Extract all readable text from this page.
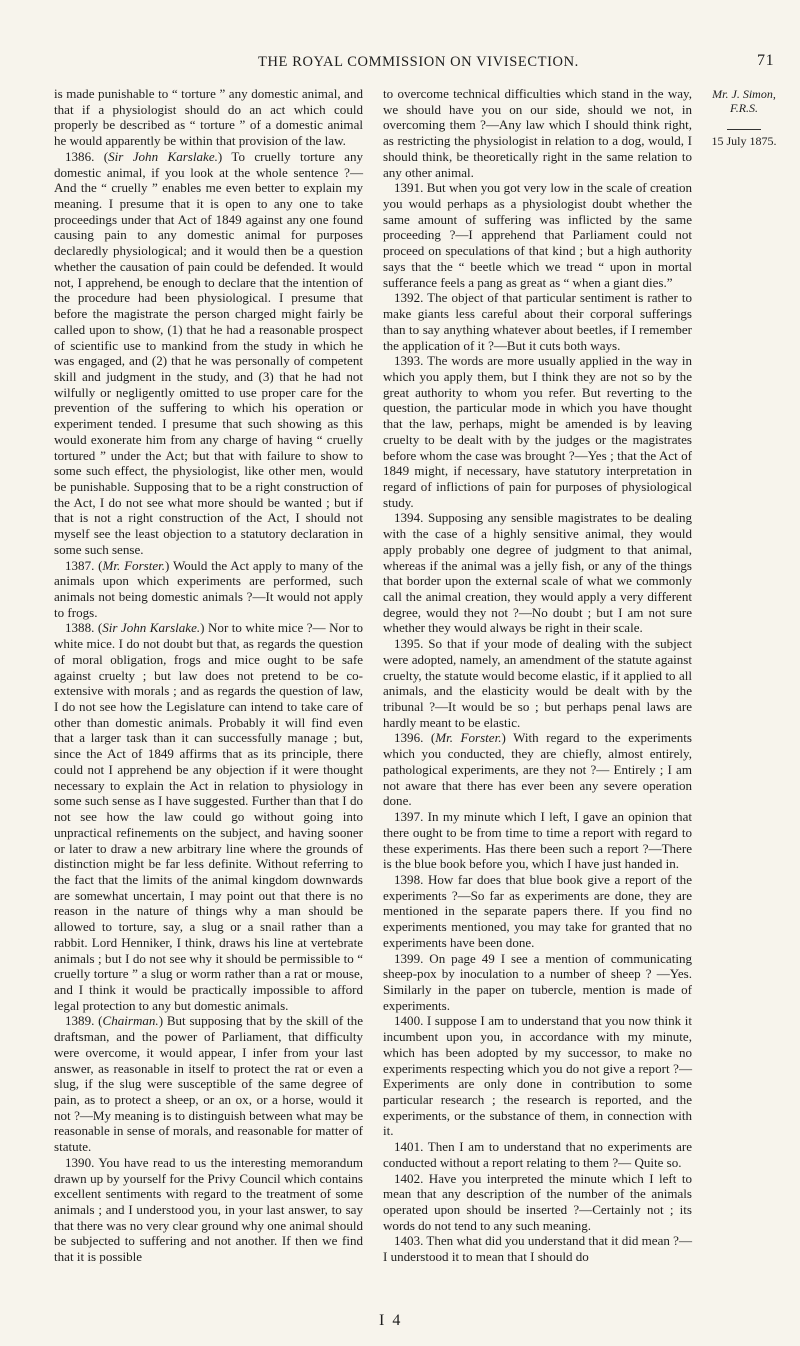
THE ROYAL COMMISSION ON VIVISECTION.	71

is made punishable to “ torture ” any domestic animal, and that if a physiologist should do an act which could properly be described as “ torture ” of a domestic animal he would apparently be within that provision of the law.

1386. (Sir John Karslake.) To cruelly torture any domestic animal, if you look at the whole sentence ?— And the “ cruelly ” enables me even better to explain my meaning. I presume that it is open to any one to take proceedings under that Act of 1849 against any one found causing pain to any domestic animal for purposes declaredly physiological; and it would then be a question whether the causation of pain could be defended. It would not, I apprehend, be enough to declare that the intention of the procedure had been physiological. I presume that before the magistrate the person charged might fairly be called upon to show, (1) that he had a reasonable prospect of scientific use to mankind from the study in which he was engaged, and (2) that he was personally of competent skill and judgment in the study, and (3) that he had not wilfully or negligently omitted to use proper care for the prevention of the suffering to which his operation or experiment tended. I presume that such showing as this would exonerate him from any charge of having “ cruelly tortured ” under the Act; but that with failure to show to some such effect, the physiologist, like other men, would be punishable. Supposing that to be a right construction of the Act, I do not see what more should be wanted ; but if that is not a right construction of the Act, I should not myself see the least objection to a statutory declaration in some such sense.

1387. (Mr. Forster.) Would the Act apply to many of the animals upon which experiments are performed, such animals not being domestic animals ?—It would not apply to frogs.

1388. (Sir John Karslake.) Nor to white mice ?— Nor to white mice. I do not doubt but that, as regards the question of moral obligation, frogs and mice ought to be safe against cruelty ; but law does not pretend to be co-extensive with morals ; and as regards the question of law, I do not see how the Legislature can intend to take care of other than domestic animals. Probably it will find even that a larger task than it can successfully manage ; but, since the Act of 1849 affirms that as its principle, there could not I apprehend be any objection if it were thought necessary to explain the Act in relation to physiology in some such sense as I have suggested. Further than that I do not see how the law could go without going into unpractical refinements on the subject, and having sooner or later to draw a new arbitrary line where the grounds of distinction might be far less definite. Without referring to the fact that the limits of the animal kingdom downwards are somewhat uncertain, I may point out that there is no reason in the nature of things why a man should be allowed to torture, say, a slug or a snail rather than a rabbit. Lord Henniker, I think, draws his line at vertebrate animals ; but I do not see why it should be permissible to “ cruelly torture ” a slug or worm rather than a rat or mouse, and I think it would be practically impossible to afford legal protection to any but domestic animals.

1389. (Chairman.) But supposing that by the skill of the draftsman, and the power of Parliament, that difficulty were overcome, it would appear, I infer from your last answer, as reasonable in itself to protect the rat or even a slug, if the slug were susceptible of the same degree of pain, as to protect a sheep, or an ox, or a horse, would it not ?—My meaning is to distinguish between what may be reasonable in sense of morals, and reasonable for matter of statute.

1390. You have read to us the interesting memorandum drawn up by yourself for the Privy Council which contains excellent sentiments with regard to the treatment of some animals ; and I understood you, in your last answer, to say that there was no very clear ground why one animal should be subjected to suffering and not another. If then we find that it is possible

to overcome technical difficulties which stand in the way, we should have you on our side, should we not, in overcoming them ?—Any law which I should think right, as restricting the physiologist in relation to a dog, would, I should think, be theoretically right in the same relation to any other animal.

1391. But when you got very low in the scale of creation you would perhaps as a physiologist doubt whether the same amount of suffering was inflicted by the same proceeding ?—I apprehend that Parliament could not proceed on speculations of that kind ; but a high authority says that the “ beetle which we tread “ upon in mortal sufferance feels a pang as great as “ when a giant dies.”

1392. The object of that particular sentiment is rather to make giants less careful about their corporal sufferings than to say anything whatever about beetles, if I remember the application of it ?—But it cuts both ways.

1393. The words are more usually applied in the way in which you apply them, but I think they are not so by the great authority to whom you refer. But reverting to the question, the particular mode in which you have thought that the law, perhaps, might be amended is by leaving cruelty to be dealt with by the judges or the magistrates before whom the case was brought ?—Yes ; that the Act of 1849 might, if necessary, have statutory interpretation in regard of inflictions of pain for purposes of physiological study.

1394. Supposing any sensible magistrates to be dealing with the case of a highly sensitive animal, they would apply probably one degree of judgment to that animal, whereas if the animal was a jelly fish, or any of the things that border upon the external scale of what we commonly call the animal creation, they would apply a very different degree, would they not ?—No doubt ; but I am not sure whether they would always be right in their scale.

1395. So that if your mode of dealing with the subject were adopted, namely, an amendment of the statute against cruelty, the statute would become elastic, if it applied to all animals, and the elasticity would be dealt with by the tribunal ?—It would be so ; but perhaps penal laws are hardly meant to be elastic.

1396. (Mr. Forster.) With regard to the experiments which you conducted, they are chiefly, almost entirely, pathological experiments, are they not ?— Entirely ; I am not aware that there has ever been any severe operation done.

1397. In my minute which I left, I gave an opinion that there ought to be from time to time a report with regard to these experiments. Has there been such a report ?—There is the blue book before you, which I have just handed in.

1398. How far does that blue book give a report of the experiments ?—So far as experiments are done, they are mentioned in the separate papers there. If you find no experiments mentioned, you may take for granted that no experiments have been done.

1399. On page 49 I see a mention of communicating sheep-pox by inoculation to a number of sheep ? —Yes. Similarly in the paper on tubercle, mention is made of experiments.

1400. I suppose I am to understand that you now think it incumbent upon you, in accordance with my minute, which has been adopted by my successor, to make no experiments respecting which you do not give a report ?—Experiments are only done in contribution to some particular research ; the research is reported, and the experiments, or the substance of them, in connection with it.

1401. Then I am to understand that no experiments are conducted without a report relating to them ?— Quite so.

1402. Have you interpreted the minute which I left to mean that any description of the number of the animals operated upon should be inserted ?—Certainly not ; its words do not tend to any such meaning.

1403. Then what did you understand that it did mean ?—I understood it to mean that I should do

Mr. J. Simon,
F.R.S.
15 July 1875.
I 4
